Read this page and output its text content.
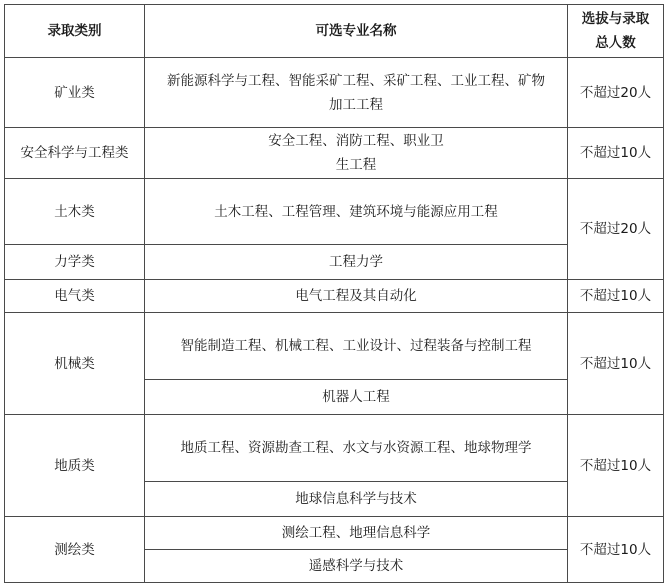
录取类别	可选专业名称	选拔与录取总人数
矿业类	新能源科学与工程、智能采矿工程、采矿工程、工业工程、矿物加工工程	不超过20人
安全科学与工程类	安全工程、消防工程、职业卫生工程	不超过10人
土木类	土木工程、工程管理、建筑环境与能源应用工程	不超过20人
力学类	工程力学	
电气类	电气工程及其自动化	不超过10人
机械类	智能制造工程、机械工程、工业设计、过程装备与控制工程	不超过10人
	机器人工程	
地质类	地质工程、资源勘查工程、水文与水资源工程、地球物理学	不超过10人
	地球信息科学与技术	
测绘类	测绘工程、地理信息科学	不超过10人
	遥感科学与技术	
